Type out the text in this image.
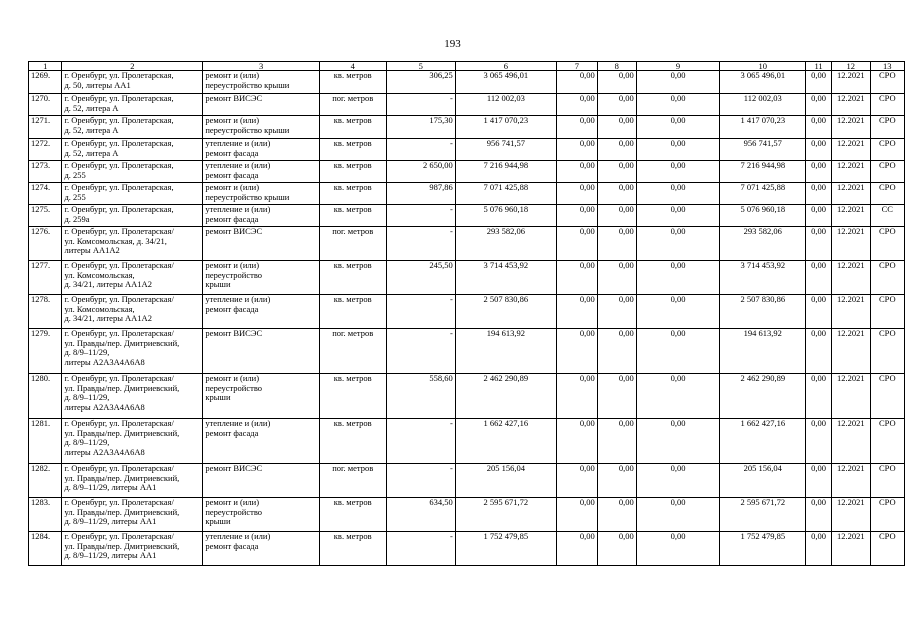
193
1	2	3	4	5	6	7	8	9	10	11	12	13
1269.	г. Оренбург, ул. Пролетарская,
д. 50, литеры АА1	ремонт и (или)
переустройство крыши	кв. метров	306,25	3 065 496,01	0,00	0,00	0,00	3 065 496,01	0,00	12.2021	СРО
1270.	г. Оренбург, ул. Пролетарская,
д. 52, литера А	ремонт ВИСЭС	пог. метров	-	112 002,03	0,00	0,00	0,00	112 002,03	0,00	12.2021	СРО
1271.	г. Оренбург, ул. Пролетарская,
д. 52, литера А	ремонт и (или)
переустройство крыши	кв. метров	175,30	1 417 070,23	0,00	0,00	0,00	1 417 070,23	0,00	12.2021	СРО
1272.	г. Оренбург, ул. Пролетарская,
д. 52, литера А	утепление и (или)
ремонт фасада	кв. метров	-	956 741,57	0,00	0,00	0,00	956 741,57	0,00	12.2021	СРО
1273.	г. Оренбург, ул. Пролетарская,
д. 255	утепление и (или)
ремонт фасада	кв. метров	2 650,00	7 216 944,98	0,00	0,00	0,00	7 216 944,98	0,00	12.2021	СРО
1274.	г. Оренбург, ул. Пролетарская,
д. 255	ремонт и (или)
переустройство крыши	кв. метров	987,86	7 071 425,88	0,00	0,00	0,00	7 071 425,88	0,00	12.2021	СРО
1275.	г. Оренбург, ул. Пролетарская,
д. 259а	утепление и (или)
ремонт фасада	кв. метров	-	5 076 960,18	0,00	0,00	0,00	5 076 960,18	0,00	12.2021	СС
1276.	г. Оренбург, ул. Пролетарская/
ул. Комсомольская, д. 34/21,
литеры АА1А2	ремонт ВИСЭС	пог. метров	-	293 582,06	0,00	0,00	0,00	293 582,06	0,00	12.2021	СРО
1277.	г. Оренбург, ул. Пролетарская/
ул. Комсомольская,
д. 34/21, литеры АА1А2	ремонт и (или)
переустройство
крыши	кв. метров	245,50	3 714 453,92	0,00	0,00	0,00	3 714 453,92	0,00	12.2021	СРО
1278.	г. Оренбург, ул. Пролетарская/
ул. Комсомольская,
д. 34/21, литеры АА1А2	утепление и (или)
ремонт фасада	кв. метров	-	2 507 830,86	0,00	0,00	0,00	2 507 830,86	0,00	12.2021	СРО
1279.	г. Оренбург, ул. Пролетарская/
ул. Правды/пер. Дмитриевский,
д. 8/9–11/29,
литеры А2А3А4А6А8	ремонт ВИСЭС	пог. метров	-	194 613,92	0,00	0,00	0,00	194 613,92	0,00	12.2021	СРО
1280.	г. Оренбург, ул. Пролетарская/
ул. Правды/пер. Дмитриевский,
д. 8/9–11/29,
литеры А2А3А4А6А8	ремонт и (или)
переустройство
крыши	кв. метров	558,60	2 462 290,89	0,00	0,00	0,00	2 462 290,89	0,00	12.2021	СРО
1281.	г. Оренбург, ул. Пролетарская/
ул. Правды/пер. Дмитриевский,
д. 8/9–11/29,
литеры А2А3А4А6А8	утепление и (или)
ремонт фасада	кв. метров	-	1 662 427,16	0,00	0,00	0,00	1 662 427,16	0,00	12.2021	СРО
1282.	г. Оренбург, ул. Пролетарская/
ул. Правды/пер. Дмитриевский,
д. 8/9–11/29, литеры АА1	ремонт ВИСЭС	пог. метров	-	205 156,04	0,00	0,00	0,00	205 156,04	0,00	12.2021	СРО
1283.	г. Оренбург, ул. Пролетарская/
ул. Правды/пер. Дмитриевский,
д. 8/9–11/29, литеры АА1	ремонт и (или)
переустройство
крыши	кв. метров	634,50	2 595 671,72	0,00	0,00	0,00	2 595 671,72	0,00	12.2021	СРО
1284.	г. Оренбург, ул. Пролетарская/
ул. Правды/пер. Дмитриевский,
д. 8/9–11/29, литеры АА1	утепление и (или)
ремонт фасада	кв. метров	-	1 752 479,85	0,00	0,00	0,00	1 752 479,85	0,00	12.2021	СРО
